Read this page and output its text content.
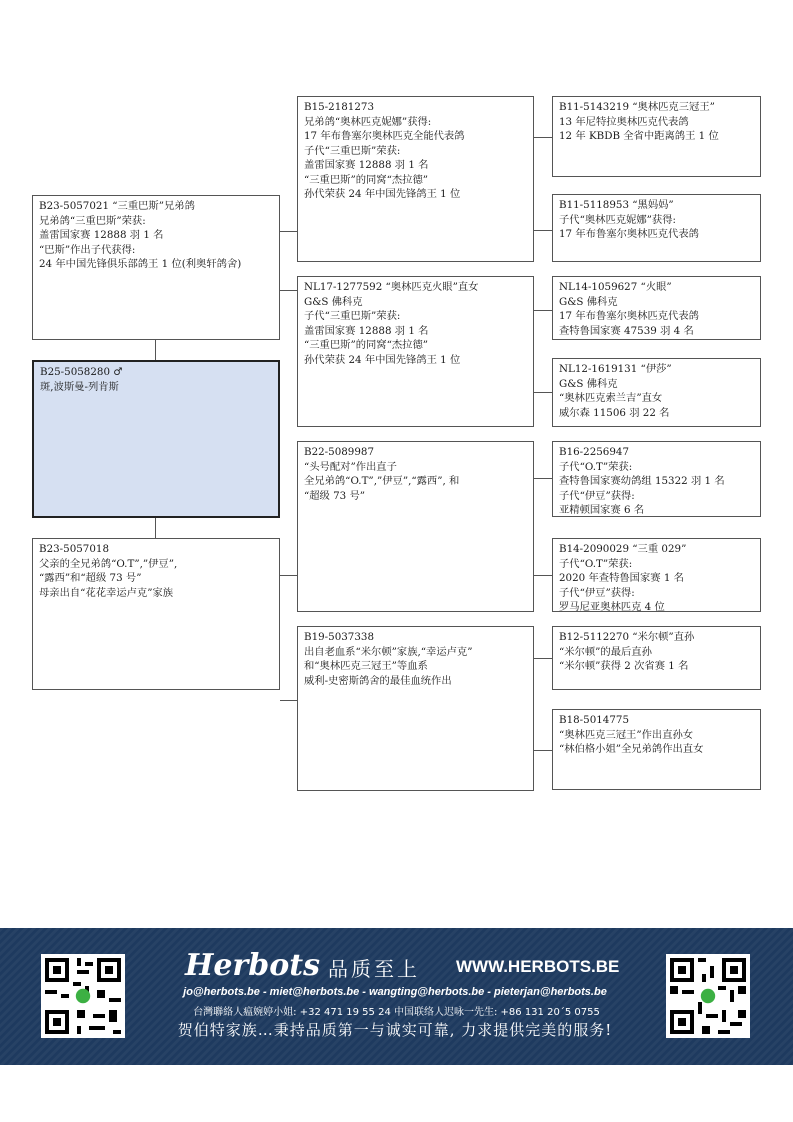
B23-5057021 “三重巴斯”兄弟鸽
兄弟鸽“三重巴斯”荣获:
盖雷国家赛 12888 羽 1 名
“巴斯”作出子代获得:
24 年中国先锋俱乐部鸽王 1 位(利奥轩鸽舍)
B25-5058280 ♂
斑,波斯曼-列肯斯
B23-5057018
父亲的全兄弟鸽“O.T”,”伊豆”,
“露西”和“超级 73 号”
母亲出自“花花幸运卢克”家族
B15-2181273
兄弟鸽“奥林匹克妮娜”获得:
17 年布鲁塞尔奥林匹克全能代表鸽
子代“三重巴斯”荣获:
盖雷国家赛 12888 羽 1 名
“三重巴斯”的同窝“杰拉德”
孙代荣获 24 年中国先锋鸽王 1 位
NL17-1277592 “奥林匹克火眼”直女
G&S 佛科克
子代“三重巴斯”荣获:
盖雷国家赛 12888 羽 1 名
“三重巴斯”的同窝“杰拉德”
孙代荣获 24 年中国先锋鸽王 1 位
B22-5089987
“头号配对”作出直子
全兄弟鸽“O.T”,”伊豆”,“露西”, 和
“超级 73 号”
B19-5037338
出自老血系“米尔顿”家族,“幸运卢克”
和“奥林匹克三冠王”等血系
威利-史密斯鸽舍的最佳血统作出
B11-5143219 “奥林匹克三冠王”
13 年尼特拉奥林匹克代表鸽
12 年 KBDB 全省中距离鸽王 1 位
B11-5118953 “黑妈妈”
子代“奥林匹克妮娜”获得:
17 年布鲁塞尔奥林匹克代表鸽
NL14-1059627 “火眼”
G&S 佛科克
17 年布鲁塞尔奥林匹克代表鸽
查特鲁国家赛 47539 羽 4 名
NL12-1619131 “伊莎”
G&S 佛科克
“奥林匹克索兰吉”直女
威尔森 11506 羽 22 名
B16-2256947
子代“O.T”荣获:
查特鲁国家赛幼鸽组 15322 羽 1 名
子代“伊豆”获得:
亚精顿国家赛 6 名
B14-2090029 “三重 029”
子代“O.T”荣获:
2020 年查特鲁国家赛 1 名
子代“伊豆”获得:
罗马尼亚奥林匹克 4 位
B12-5112270 “米尔顿”直孙
“米尔顿”的最后直孙
“米尔顿”获得 2 次省赛 1 名
B18-5014775
“奥林匹克三冠王”作出直孙女
“林伯格小姐”全兄弟鸽作出直女
Herbots 品质至上 WWW.HERBOTS.BE
jo@herbots.be - miet@herbots.be - wangting@herbots.be - pieterjan@herbots.be
台灣聯絡人瘟婉婷小姐: +32 471 19 55 24 中国联络人迟咏一先生: +86 131 20´5 0755
贺伯特家族…秉持品质第一与诚实可靠, 力求提供完美的服务!
